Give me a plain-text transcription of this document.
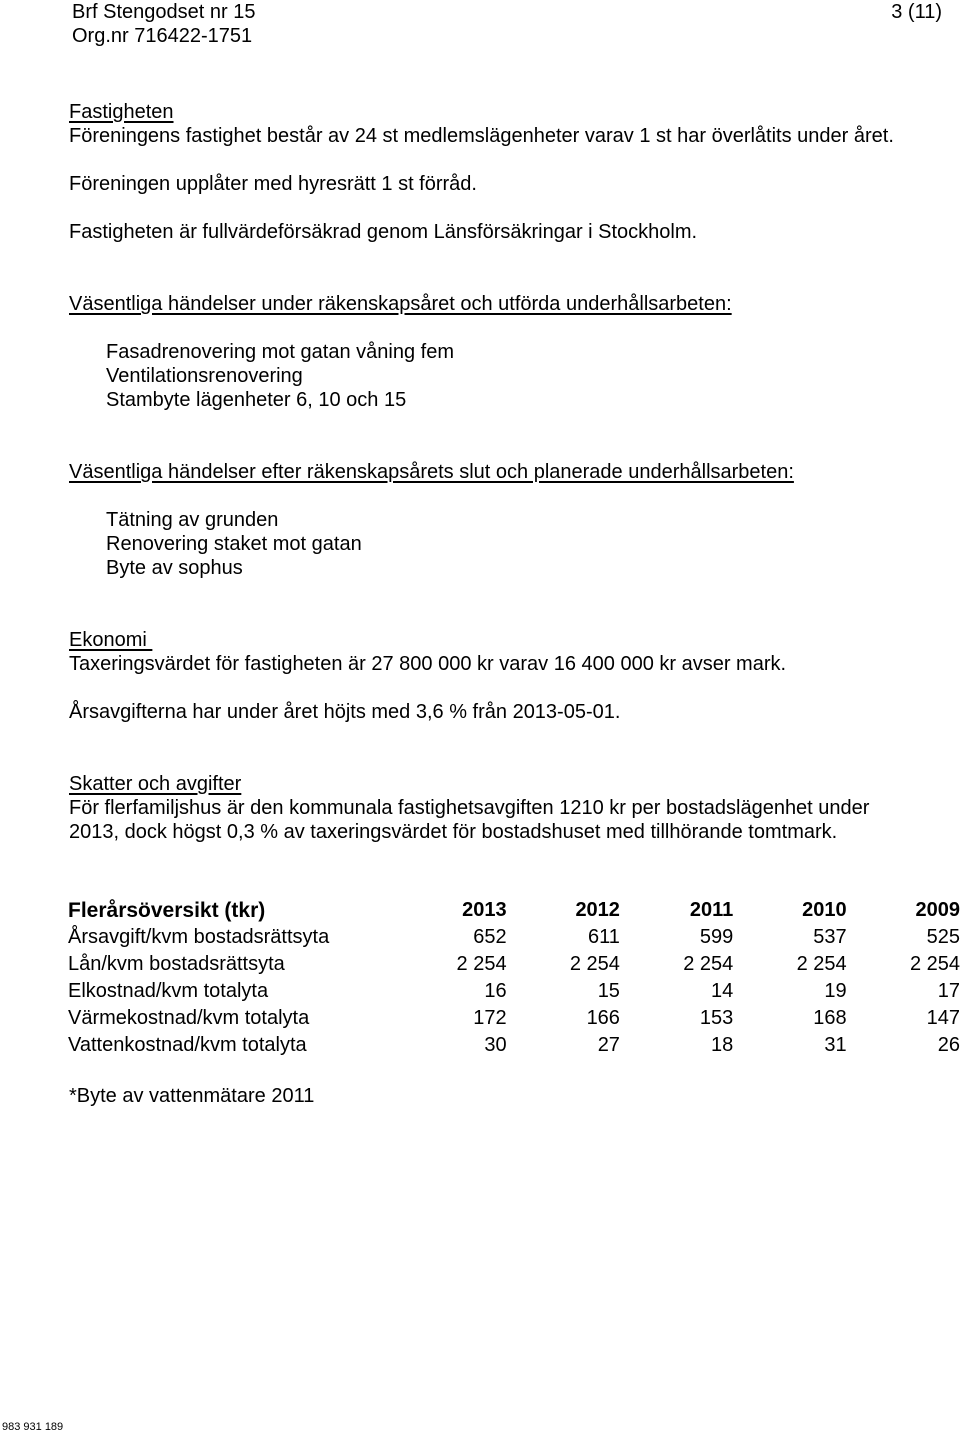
Brf Stengodset nr 15
Org.nr 716422-1751
3 (11)
Fastigheten
Föreningens fastighet består av 24 st medlemslägenheter varav 1 st har överlåtits under året.
Föreningen upplåter med hyresrätt 1 st förråd.
Fastigheten är fullvärdeförsäkrad genom Länsförsäkringar i Stockholm.
Väsentliga händelser under räkenskapsåret och utförda underhållsarbeten:
Fasadrenovering mot gatan våning fem
Ventilationsrenovering
Stambyte lägenheter 6, 10 och 15
Väsentliga händelser efter räkenskapsårets slut och planerade underhållsarbeten:
Tätning av grunden
Renovering staket mot gatan
Byte av sophus
Ekonomi
Taxeringsvärdet för fastigheten är 27 800 000 kr varav 16 400 000 kr avser mark.
Årsavgifterna har under året höjts med 3,6 % från 2013-05-01.
Skatter och avgifter
För flerfamiljshus är den kommunala fastighetsavgiften 1210 kr per bostadslägenhet under
2013, dock högst 0,3 % av taxeringsvärdet för bostadshuset med tillhörande tomtmark.
Flerårsöversikt (tkr)	2013	2012	2011	2010	2009
Årsavgift/kvm bostadsrättsyta	652	611	599	537	525
Lån/kvm bostadsrättsyta	2 254	2 254	2 254	2 254	2 254
Elkostnad/kvm totalyta	16	15	14	19	17
Värmekostnad/kvm totalyta	172	166	153	168	147
Vattenkostnad/kvm totalyta	30	27	18	31	26
*Byte av vattenmätare 2011
983 931 189
